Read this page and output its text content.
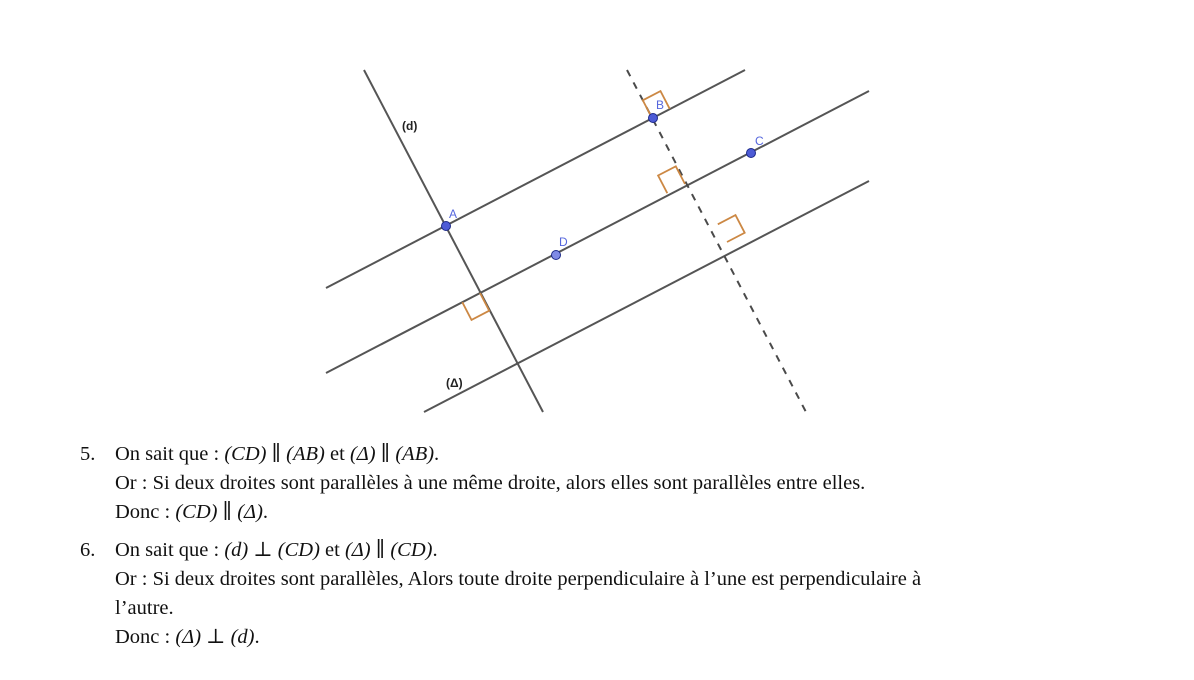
(d)
(Δ)
A
B
C
D
5. On sait que : (CD) ∥ (AB) et (Δ) ∥ (AB).
Or : Si deux droites sont parallèles à une même droite, alors elles sont parallèles entre elles.
Donc : (CD) ∥ (Δ).
6. On sait que : (d) ⊥ (CD) et (Δ) ∥ (CD).
Or : Si deux droites sont parallèles, Alors toute droite perpendiculaire à l’une est perpendiculaire à
l’autre.
Donc : (Δ) ⊥ (d).
